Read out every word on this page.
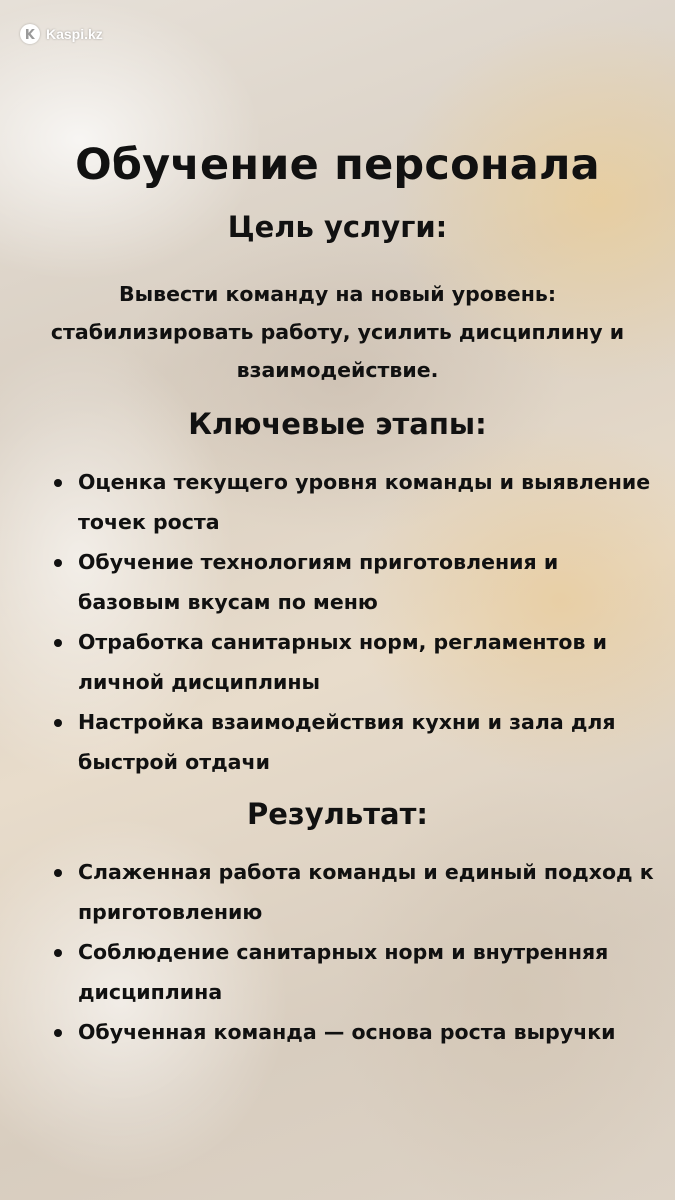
Kaspi.kz
Обучение персонала
Цель услуги:

Вывести команду на новый уровень: стабилизировать работу, усилить дисциплину и взаимодействие.

Ключевые этапы:
Оценка текущего уровня команды и выявление точек роста
Обучение технологиям приготовления и базовым вкусам по меню
Отработка санитарных норм, регламентов и личной дисциплины
Настройка взаимодействия кухни и зала для быстрой отдачи
Результат:
Слаженная работа команды и единый подход к приготовлению
Соблюдение санитарных норм и внутренняя дисциплина
Обученная команда — основа роста выручки
